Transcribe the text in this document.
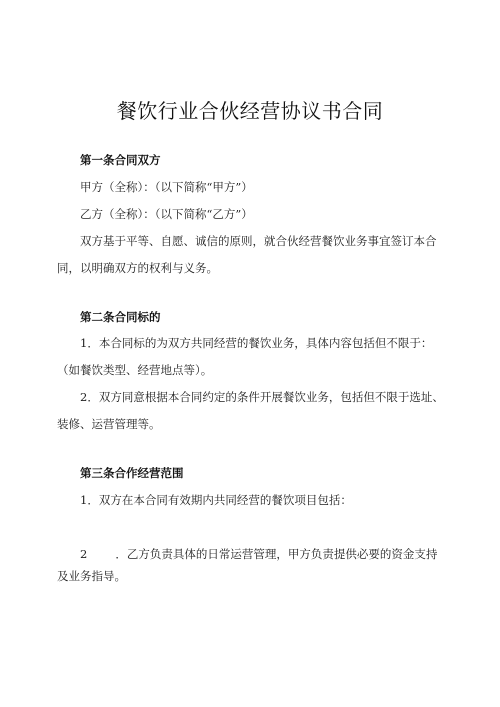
餐饮行业合伙经营协议书合同

第一条合同双方

甲方（全称）：（以下简称“甲方”）

乙方（全称）：（以下简称“乙方”）

双方基于平等、自愿、诚信的原则，就合伙经营餐饮业务事宜签订本合

同，以明确双方的权利与义务。

第二条合同标的

1．本合同标的为双方共同经营的餐饮业务，具体内容包括但不限于：

（如餐饮类型、经营地点等）。

2．双方同意根据本合同约定的条件开展餐饮业务，包括但不限于选址、

装修、运营管理等。

第三条合作经营范围

1．双方在本合同有效期内共同经营的餐饮项目包括：

2 ．乙方负责具体的日常运营管理，甲方负责提供必要的资金支持

及业务指导。
